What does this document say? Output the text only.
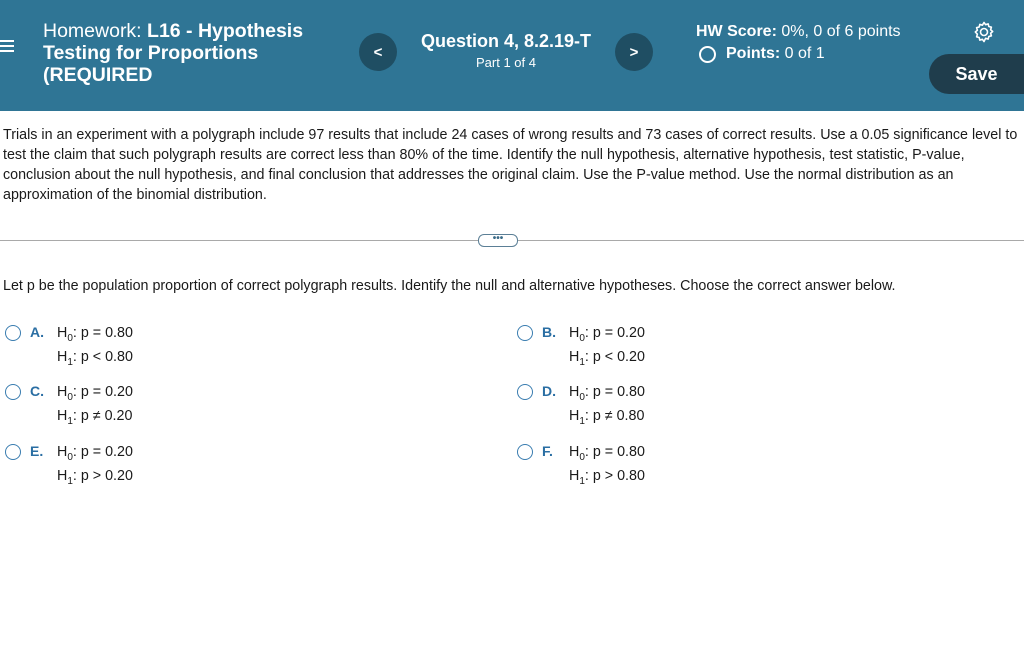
Homework: L16 - Hypothesis Testing for Proportions (REQUIRED
<
Question 4, 8.2.19-T
Part 1 of 4
>
HW Score: 0%, 0 of 6 points
Points:
0 of 1
Save
Trials in an experiment with a polygraph include 97 results that include 24 cases of wrong results and 73 cases of correct results. Use a 0.05 significance level to test the claim that such polygraph results are correct less than 80% of the time. Identify the null hypothesis, alternative hypothesis, test statistic, P-value, conclusion about the null hypothesis, and final conclusion that addresses the original claim. Use the P-value method. Use the normal distribution as an approximation of the binomial distribution.
•••
Let p be the population proportion of correct polygraph results. Identify the null and alternative hypotheses. Choose the correct answer below.
A. $H_0$: p = 0.80
$H_1$: p < 0.80
B. $H_0$: p = 0.20
$H_1$: p < 0.20
C. $H_0$: p = 0.20
$H_1$: p ≠ 0.20
D. $H_0$: p = 0.80
$H_1$: p ≠ 0.80
E. $H_0$: p = 0.20
$H_1$: p > 0.20
F. $H_0$: p = 0.80
$H_1$: p > 0.80
